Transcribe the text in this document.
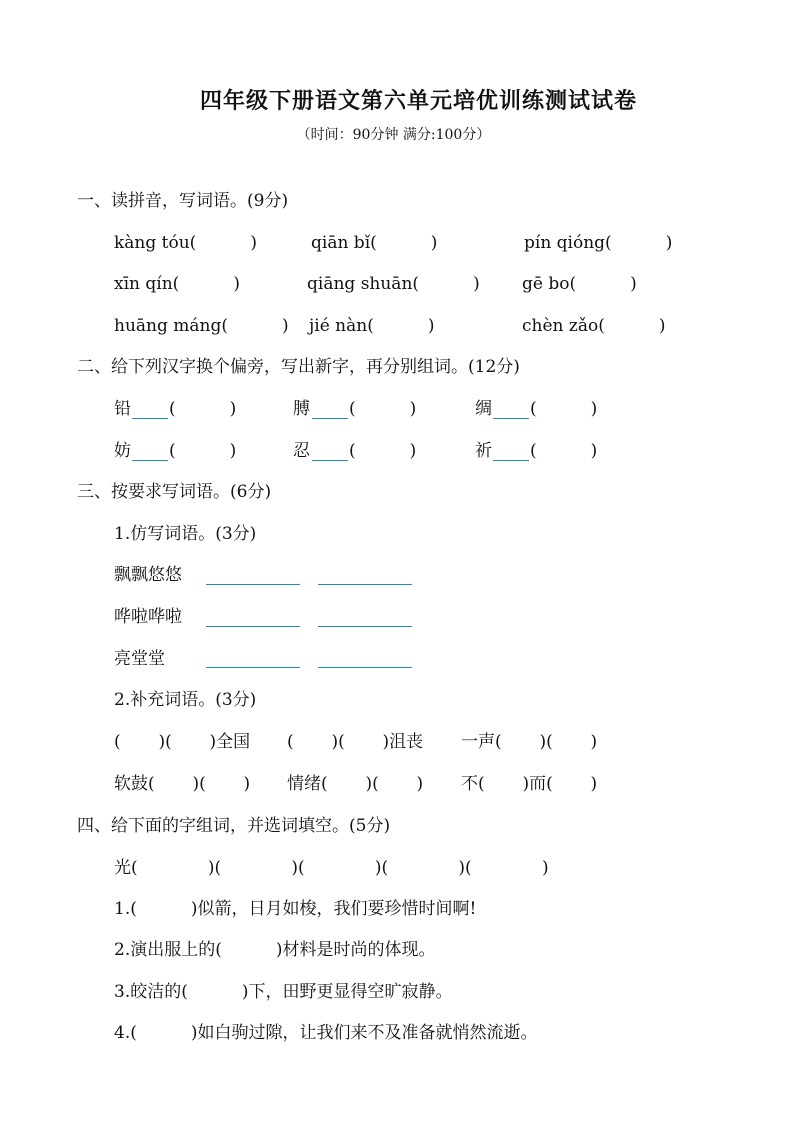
四年级下册语文第六单元培优训练测试试卷
（时间：90分钟 满分:100分）
一、读拼音，写词语。(9分)
kàng tóu(          )	qiān bǐ(          )	pín qióng(          )
xīn qín(          )	qiāng shuān(          ) gē bo(          )
huāng máng(          ) jié nàn(          )	chèn zǎo(          )
二、给下列汉字换个偏旁，写出新字，再分别组词。(12分)
铅 (          )	膊 (          )	绸 (          )
妨 (          )	忍 (          )	祈 (          )
三、按要求写词语。(6分)
1.仿写词语。(3分)
飘飘悠悠
哗啦哗啦
亮堂堂
2.补充词语。(3分)
(       )(       )全国 (       )(       )沮丧 一声(       )(       )
软鼓(       )(       ) 情绪(       )(       ) 不(       )而(       )
四、给下面的字组词，并选词填空。(5分)
光(             )(             )(             )(             )(             )
1.(          )似箭，日月如梭，我们要珍惜时间啊!
2.演出服上的(          )材料是时尚的体现。
3.皎洁的(          )下，田野更显得空旷寂静。
4.(          )如白驹过隙，让我们来不及准备就悄然流逝。
